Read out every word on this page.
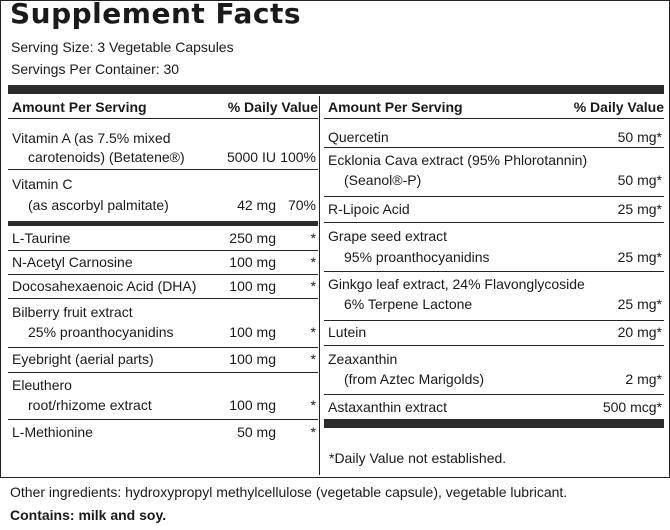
Supplement Facts
Serving Size: 3 Vegetable Capsules
Servings Per Container: 30
Amount Per Serving	% Daily Value
Vitamin A (as 7.5% mixed
carotenoids) (Betatene®)	5000 IU 100%
Vitamin C
(as ascorbyl palmitate)	42 mg 70%
L-Taurine	250 mg *
N-Acetyl Carnosine	100 mg *
Docosahexaenoic Acid (DHA) 100 mg *
Bilberry fruit extract
25% proanthocyanidins	100 mg *
Eyebright (aerial parts)	100 mg *
Eleuthero
root/rhizome extract	100 mg *
L-Methionine	50 mg *
Amount Per Serving	% Daily Value
Quercetin	50 mg*
Ecklonia Cava extract (95% Phlorotannin)
(Seanol®-P)	50 mg*
R-Lipoic Acid	25 mg*
Grape seed extract
95% proanthocyanidins	25 mg*
Ginkgo leaf extract, 24% Flavonglycoside
6% Terpene Lactone	25 mg*
Lutein	20 mg*
Zeaxanthin
(from Aztec Marigolds)	2 mg*
Astaxanthin extract	500 mcg*
*Daily Value not established.
Other ingredients: hydroxypropyl methylcellulose (vegetable capsule), vegetable lubricant.
Contains: milk and soy.
